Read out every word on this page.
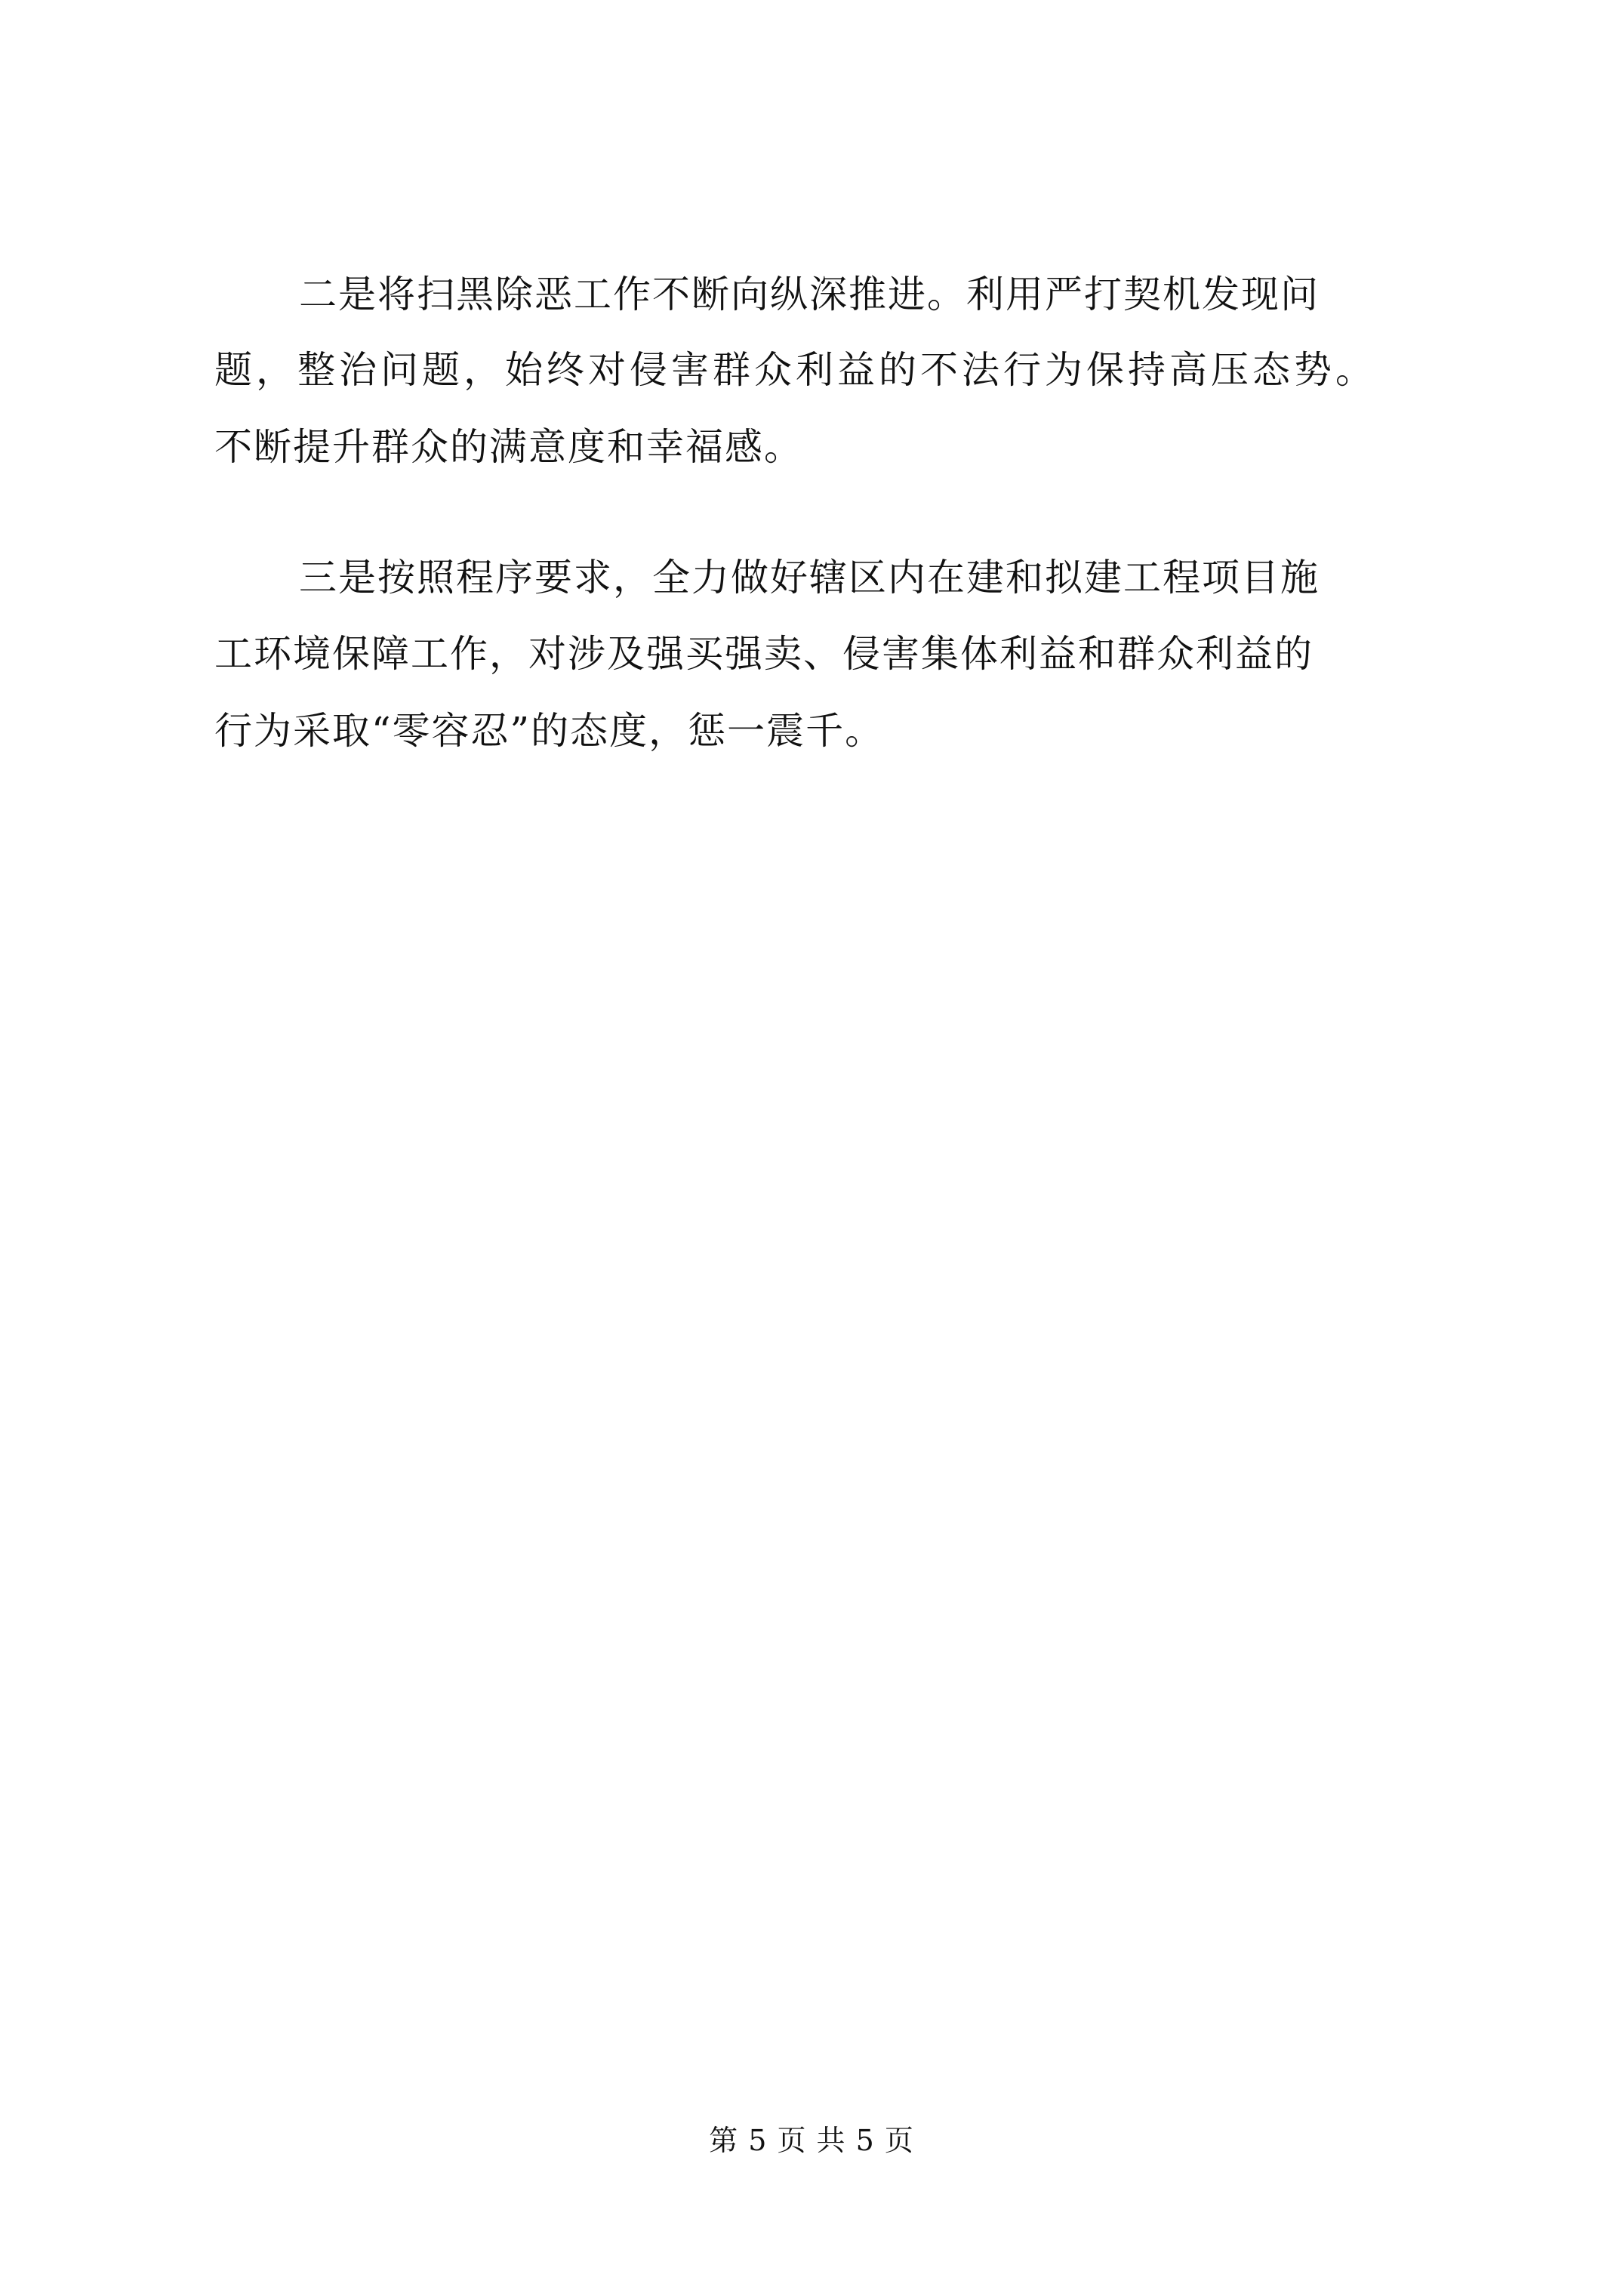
二是将扫黑除恶工作不断向纵深推进。利用严打契机发现问
题，整治问题，始终对侵害群众利益的不法行为保持高压态势。
不断提升群众的满意度和幸福感。
三是按照程序要求，全力做好辖区内在建和拟建工程项目施
工环境保障工作，对涉及强买强卖、侵害集体利益和群众利益的
行为采取“零容忍”的态度，惩一震千。
第 5 页 共 5 页
